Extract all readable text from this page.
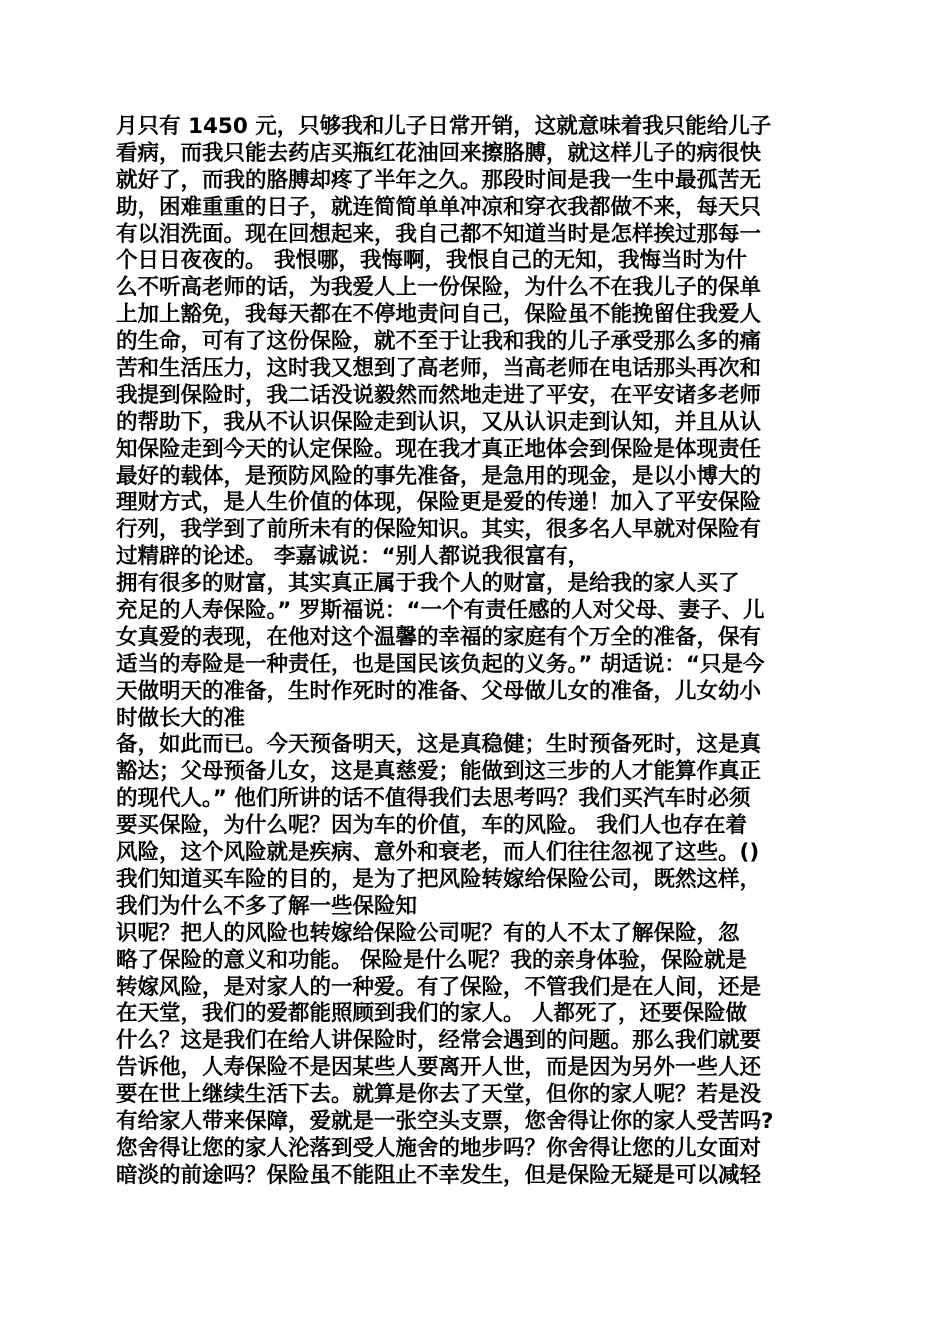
月只有 1450 元，只够我和儿子日常开销，这就意味着我只能给儿子
看病，而我只能去药店买瓶红花油回来擦胳膊，就这样儿子的病很快
就好了，而我的胳膊却疼了半年之久。那段时间是我一生中最孤苦无
助，困难重重的日子，就连简简单单冲凉和穿衣我都做不来，每天只
有以泪洗面。现在回想起来，我自己都不知道当时是怎样挨过那每一
个日日夜夜的。 我恨哪，我悔啊，我恨自己的无知，我悔当时为什
么不听高老师的话，为我爱人上一份保险，为什么不在我儿子的保单
上加上豁免，我每天都在不停地责问自己，保险虽不能挽留住我爱人
的生命，可有了这份保险，就不至于让我和我的儿子承受那么多的痛
苦和生活压力，这时我又想到了高老师，当高老师在电话那头再次和
我提到保险时，我二话没说毅然而然地走进了平安，在平安诸多老师
的帮助下，我从不认识保险走到认识，又从认识走到认知，并且从认
知保险走到今天的认定保险。现在我才真正地体会到保险是体现责任
最好的载体，是预防风险的事先准备，是急用的现金，是以小博大的
理财方式，是人生价值的体现，保险更是爱的传递！加入了平安保险
行列，我学到了前所未有的保险知识。其实，很多名人早就对保险有
过精辟的论述。 李嘉诚说：“别人都说我很富有，
拥有很多的财富，其实真正属于我个人的财富，是给我的家人买了
充足的人寿保险。” 罗斯福说：“一个有责任感的人对父母、妻子、儿
女真爱的表现，在他对这个温馨的幸福的家庭有个万全的准备，保有
适当的寿险是一种责任，也是国民该负起的义务。” 胡适说：“只是今
天做明天的准备，生时作死时的准备、父母做儿女的准备，儿女幼小
时做长大的准
备，如此而已。今天预备明天，这是真稳健；生时预备死时，这是真
豁达；父母预备儿女，这是真慈爱；能做到这三步的人才能算作真正
的现代人。” 他们所讲的话不值得我们去思考吗？我们买汽车时必须
要买保险，为什么呢？因为车的价值，车的风险。 我们人也存在着
风险，这个风险就是疾病、意外和衰老，而人们往往忽视了这些。()
我们知道买车险的目的，是为了把风险转嫁给保险公司，既然这样，
我们为什么不多了解一些保险知
识呢？把人的风险也转嫁给保险公司呢？有的人不太了解保险，忽
略了保险的意义和功能。 保险是什么呢？我的亲身体验，保险就是
转嫁风险，是对家人的一种爱。有了保险，不管我们是在人间，还是
在天堂，我们的爱都能照顾到我们的家人。 人都死了，还要保险做
什么？这是我们在给人讲保险时，经常会遇到的问题。那么我们就要
告诉他，人寿保险不是因某些人要离开人世，而是因为另外一些人还
要在世上继续生活下去。就算是你去了天堂，但你的家人呢？若是没
有给家人带来保障，爱就是一张空头支票，您舍得让你的家人受苦吗?
您舍得让您的家人沦落到受人施舍的地步吗？你舍得让您的儿女面对
暗淡的前途吗？保险虽不能阻止不幸发生，但是保险无疑是可以减轻
